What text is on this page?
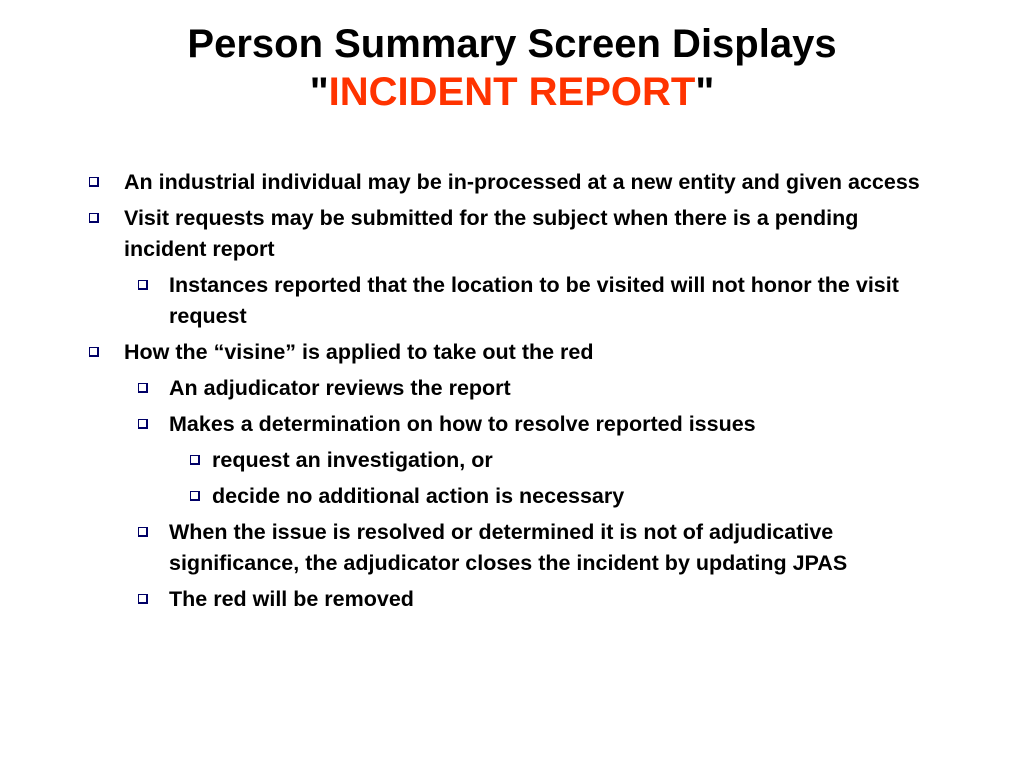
Person Summary Screen Displays
"INCIDENT REPORT"
An industrial individual may be in-processed at a new entity and given access
Visit requests may be submitted for the subject when there is a pending incident report
Instances reported that the location to be visited will not honor the visit request
How the “visine” is applied to take out the red
An adjudicator reviews the report
Makes a determination on how to resolve reported issues
request an investigation, or
decide no additional action is necessary
When the issue is resolved or determined it is not of adjudicative significance, the adjudicator closes the incident by updating JPAS
The red will be removed
